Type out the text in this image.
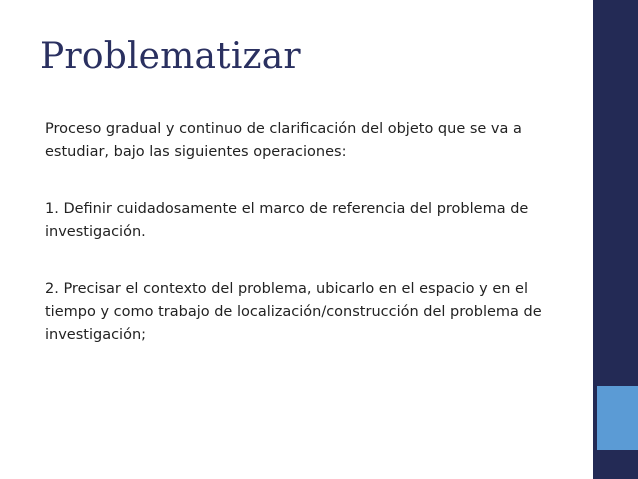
Problematizar
Proceso gradual y continuo de clarificación del objeto que se va a estudiar, bajo las siguientes operaciones:
1. Definir cuidadosamente el marco de referencia del problema de investigación.
2. Precisar el contexto del problema, ubicarlo en el espacio y en el tiempo y como trabajo de localización/construcción del problema de investigación;
